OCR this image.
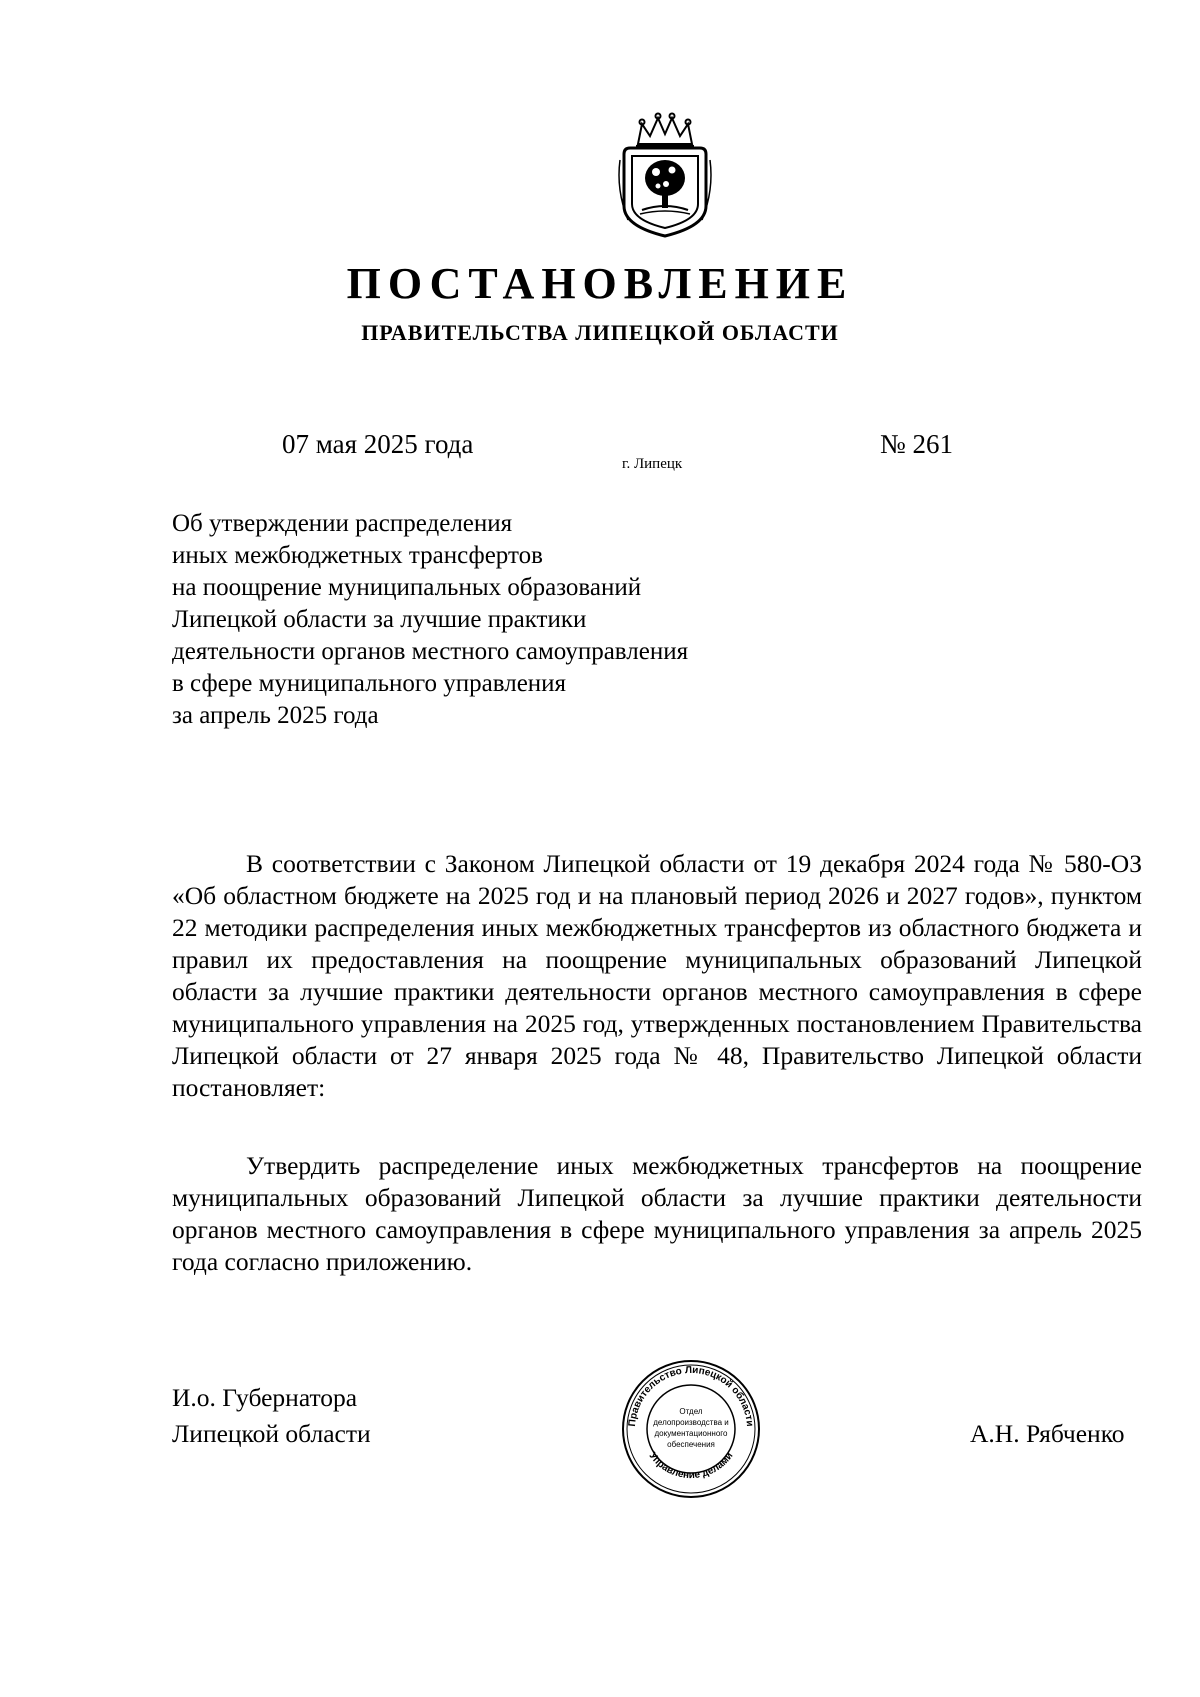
ПОСТАНОВЛЕНИЕ
ПРАВИТЕЛЬСТВА ЛИПЕЦКОЙ ОБЛАСТИ
07 мая 2025 года
г. Липецк
№ 261
Об утверждении распределения
иных межбюджетных трансфертов
на поощрение муниципальных образований
Липецкой области за лучшие практики
деятельности органов местного самоуправления
в сфере муниципального управления
за апрель 2025 года

В соответствии с Законом Липецкой области от 19 декабря 2024 года № 580-ОЗ «Об областном бюджете на 2025 год и на плановый период 2026 и 2027 годов», пунктом 22 методики распределения иных межбюджетных трансфертов из областного бюджета и правил их предоставления на поощрение муниципальных образований Липецкой области за лучшие практики деятельности органов местного самоуправления в сфере муниципального управления на 2025 год, утвержденных постановлением Правительства Липецкой области от 27 января 2025 года № 48, Правительство Липецкой области постановляет:

Утвердить распределение иных межбюджетных трансфертов на поощрение муниципальных образований Липецкой области за лучшие практики деятельности органов местного самоуправления в сфере муниципального управления за апрель 2025 года согласно приложению.

И.о. Губернатора
Липецкой области	Правительство Липецкой области
Управление делами
Отдел
делопроизводства и
документационного
обеспечения	А.Н. Рябченко
